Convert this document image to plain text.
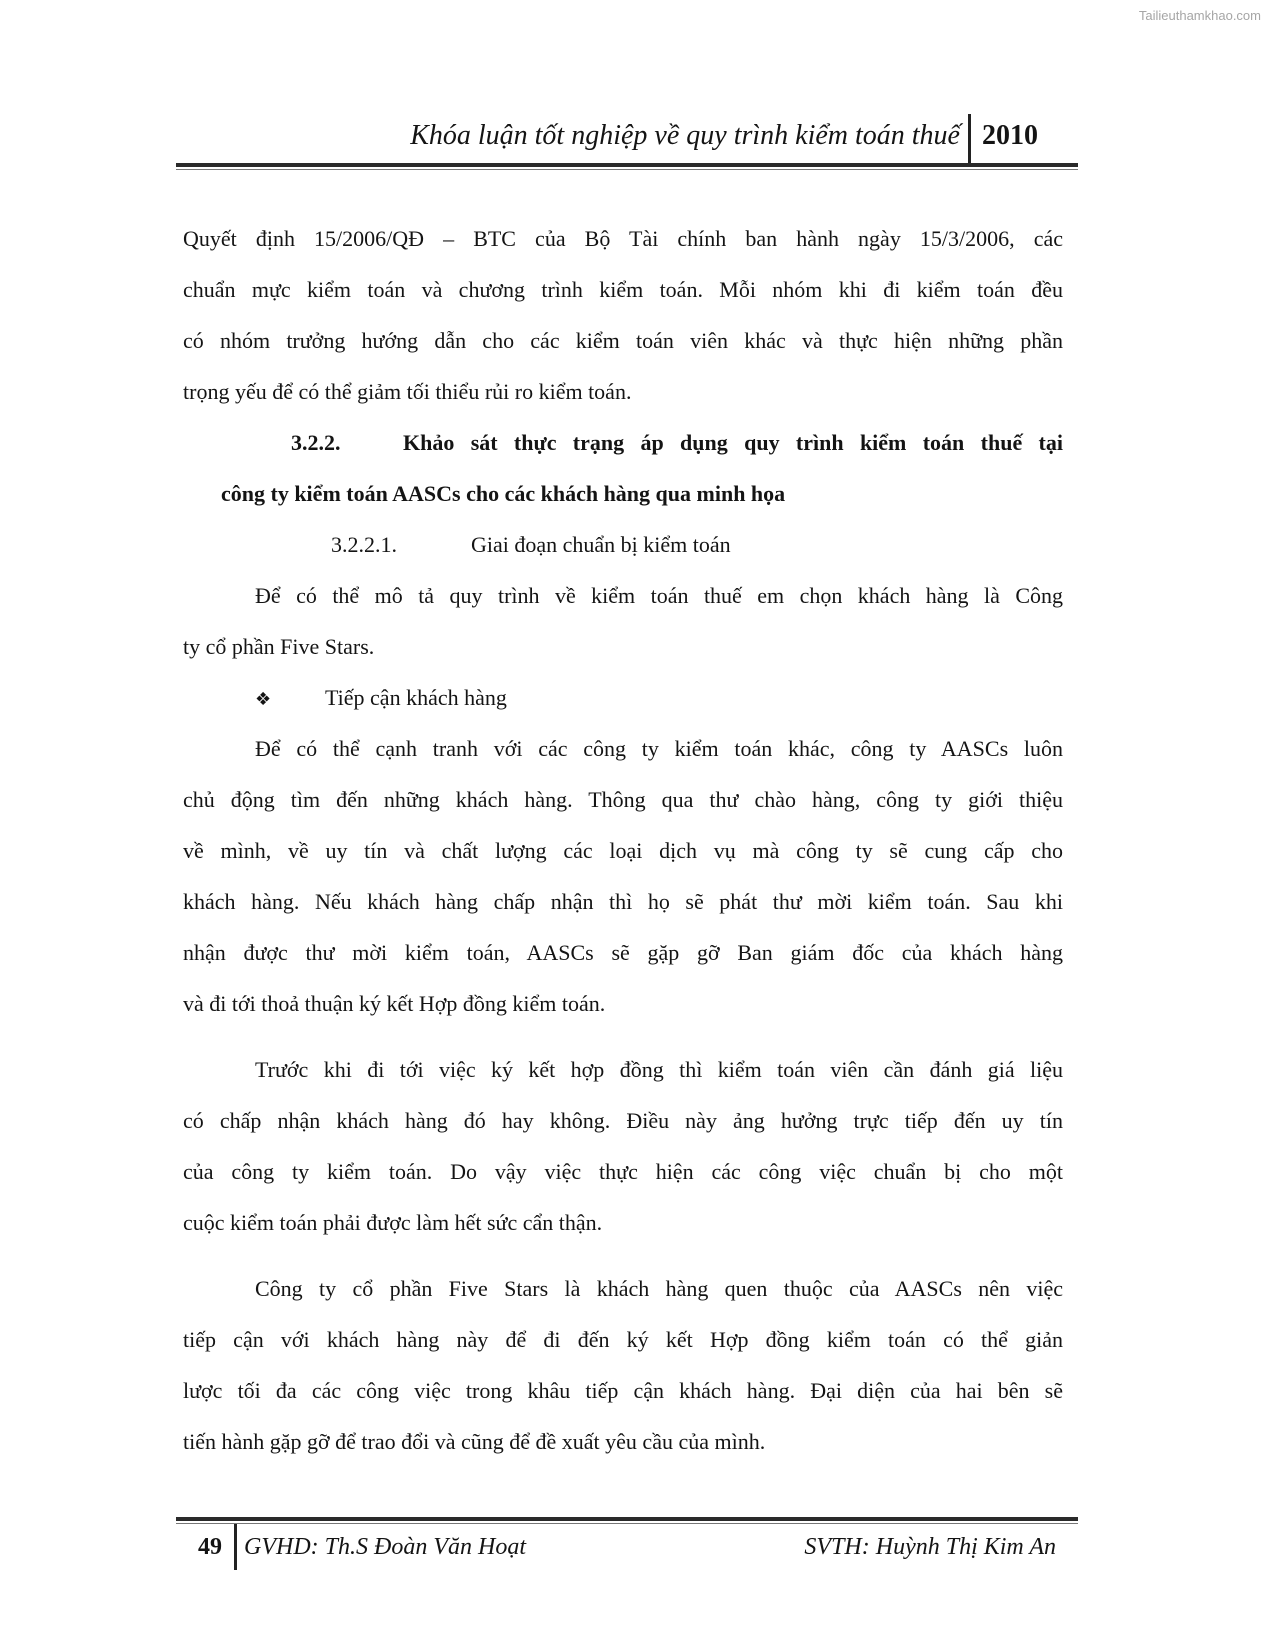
Tailieuthamkhao.com
Khóa luận tốt nghiệp về quy trình kiểm toán thuế 2010
Quyết định 15/2006/QĐ – BTC của Bộ Tài chính ban hành ngày 15/3/2006, các
chuẩn mực kiểm toán và chương trình kiểm toán. Mỗi nhóm khi đi kiểm toán đều
có nhóm trưởng hướng dẫn cho các kiểm toán viên khác và thực hiện những phần
trọng yếu để có thể giảm tối thiểu rủi ro kiểm toán.
3.2.2.	Khảo sát thực trạng áp dụng quy trình kiểm toán thuế tại
công ty kiểm toán AASCs cho các khách hàng qua minh họa
3.2.2.1.	Giai đoạn chuẩn bị kiểm toán
Để có thể mô tả quy trình về kiểm toán thuế em chọn khách hàng là Công
ty cổ phần Five Stars.
❖ Tiếp cận khách hàng
Để có thể cạnh tranh với các công ty kiểm toán khác, công ty AASCs luôn
chủ động tìm đến những khách hàng. Thông qua thư chào hàng, công ty giới thiệu
về mình, về uy tín và chất lượng các loại dịch vụ mà công ty sẽ cung cấp cho
khách hàng. Nếu khách hàng chấp nhận thì họ sẽ phát thư mời kiểm toán. Sau khi
nhận được thư mời kiểm toán, AASCs sẽ gặp gỡ Ban giám đốc của khách hàng
và đi tới thoả thuận ký kết Hợp đồng kiểm toán.
Trước khi đi tới việc ký kết hợp đồng thì kiểm toán viên cần đánh giá liệu
có chấp nhận khách hàng đó hay không. Điều này ảng hưởng trực tiếp đến uy tín
của công ty kiểm toán. Do vậy việc thực hiện các công việc chuẩn bị cho một
cuộc kiểm toán phải được làm hết sức cẩn thận.
Công ty cổ phần Five Stars là khách hàng quen thuộc của AASCs nên việc
tiếp cận với khách hàng này để đi đến ký kết Hợp đồng kiểm toán có thể giản
lược tối đa các công việc trong khâu tiếp cận khách hàng. Đại diện của hai bên sẽ
tiến hành gặp gỡ để trao đổi và cũng để đề xuất yêu cầu của mình.
49 GVHD: Th.S Đoàn Văn Hoạt	SVTH: Huỳnh Thị Kim An
